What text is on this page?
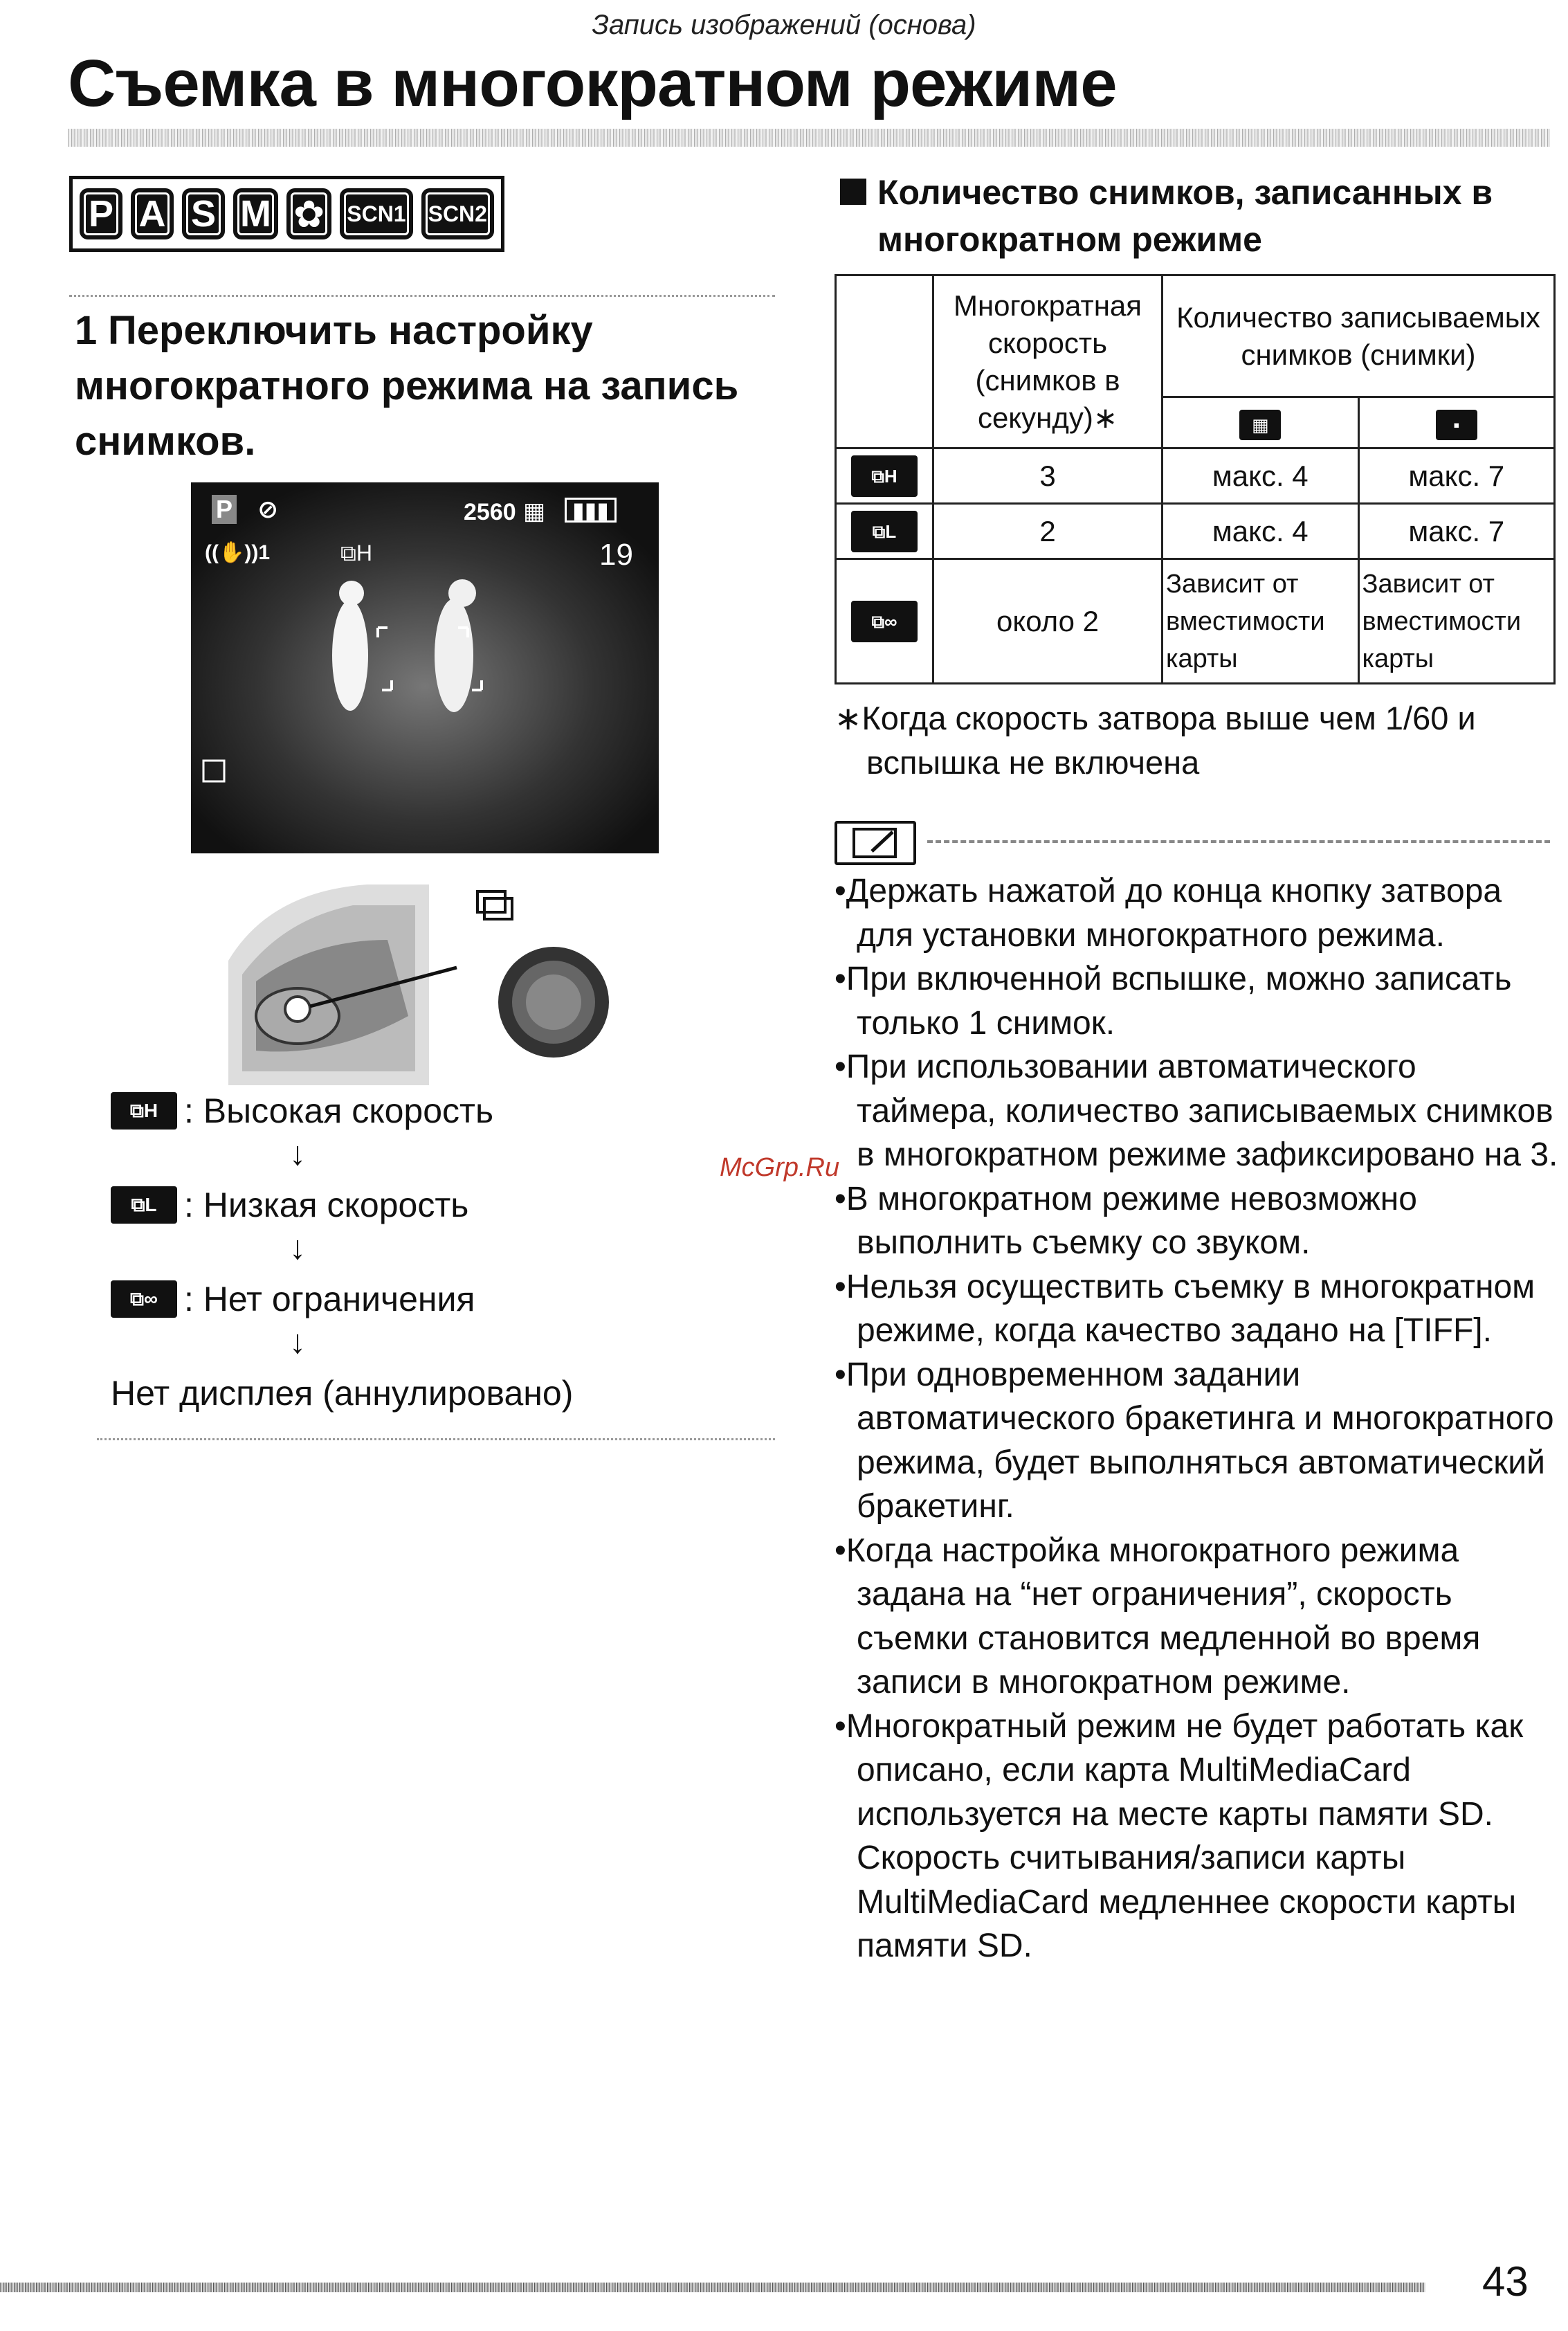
Запись изображений (основа)
Съемка в многократном режиме
P A S M ✿	SCN1	SCN2
1 Переключить настройку многократного режима на запись снимков.
P ⊘	2560 ▦	▮▮▮
((✋))1	⧉H	19
⧉H : Высокая скорость
↓
⧉L : Низкая скорость
↓
⧉∞ : Нет ограничения
↓
Нет дисплея (аннулировано)
Количество снимков, записанных в многократном режиме
	Многократная скорость (снимков в секунду)∗	Количество записываемых снимков (снимки)	
		▦	▪
⧉H	3	макс. 4	макс. 7
⧉L	2	макс. 4	макс. 7
⧉∞	около 2	Зависит от вместимости карты	Зависит от вместимости карты
∗Когда скорость затвора выше чем 1/60 и вспышка не включена

•Держать нажатой до конца кнопку затвора для установки многократного режима.

•При включенной вспышке, можно записать только 1 снимок.

•При использовании автоматического таймера, количество записываемых снимков в многократном режиме зафиксировано на 3.

•В многократном режиме невозможно выполнить съемку со звуком.

•Нельзя осуществить съемку в многократном режиме, когда качество задано на [TIFF].

•При одновременном задании автоматического бракетинга и многократного режима, будет выполняться автоматический бракетинг.

•Когда настройка многократного режима задана на “нет ограничения”, скорость съемки становится медленной во время записи в многократном режиме.

•Многократный режим не будет работать как описано, если карта MultiMediaCard используется на месте карты памяти SD. Скорость считывания/записи карты MultiMediaCard медленнее скорости карты памяти SD.

McGrp.Ru
43
